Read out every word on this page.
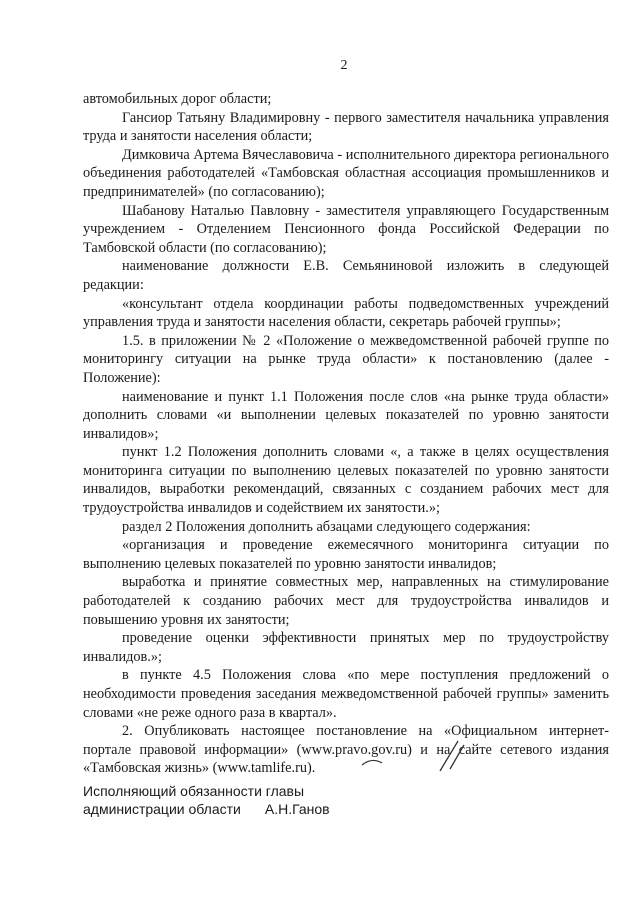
2

автомобильных дорог области;

Гансиор Татьяну Владимировну - первого заместителя начальника управления труда и занятости населения области;

Димковича Артема Вячеславовича - исполнительного директора регионального объединения работодателей «Тамбовская областная ассоциация промышленников и предпринимателей» (по согласованию);

Шабанову Наталью Павловну - заместителя управляющего Государственным учреждением - Отделением Пенсионного фонда Российской Федерации по Тамбовской области (по согласованию);

наименование должности Е.В. Семьяниновой изложить в следующей редакции:

«консультант отдела координации работы подведомственных учреждений управления труда и занятости населения области, секретарь рабочей группы»;

1.5. в приложении № 2 «Положение о межведомственной рабочей группе по мониторингу ситуации на рынке труда области» к постановлению (далее - Положение):

наименование и пункт 1.1 Положения после слов «на рынке труда области» дополнить словами «и выполнении целевых показателей по уровню занятости инвалидов»;

пункт 1.2 Положения дополнить словами «, а также в целях осуществления мониторинга ситуации по выполнению целевых показателей по уровню занятости инвалидов, выработки рекомендаций, связанных с созданием рабочих мест для трудоустройства инвалидов и содействием их занятости.»;

раздел 2 Положения дополнить абзацами следующего содержания:

«организация и проведение ежемесячного мониторинга ситуации по выполнению целевых показателей по уровню занятости инвалидов;

выработка и принятие совместных мер, направленных на стимулирование работодателей к созданию рабочих мест для трудоустройства инвалидов и повышению уровня их занятости;

проведение оценки эффективности принятых мер по трудоустройству инвалидов.»;

в пункте 4.5 Положения слова «по мере поступления предложений о необходимости проведения заседания межведомственной рабочей группы» заменить словами «не реже одного раза в квартал».

2. Опубликовать настоящее постановление на «Официальном интернет-портале правовой информации» (www.pravo.gov.ru) и на сайте сетевого издания «Тамбовская жизнь» (www.tamlife.ru).

Исполняющий обязанности главы
администрации области А.Н.Ганов
